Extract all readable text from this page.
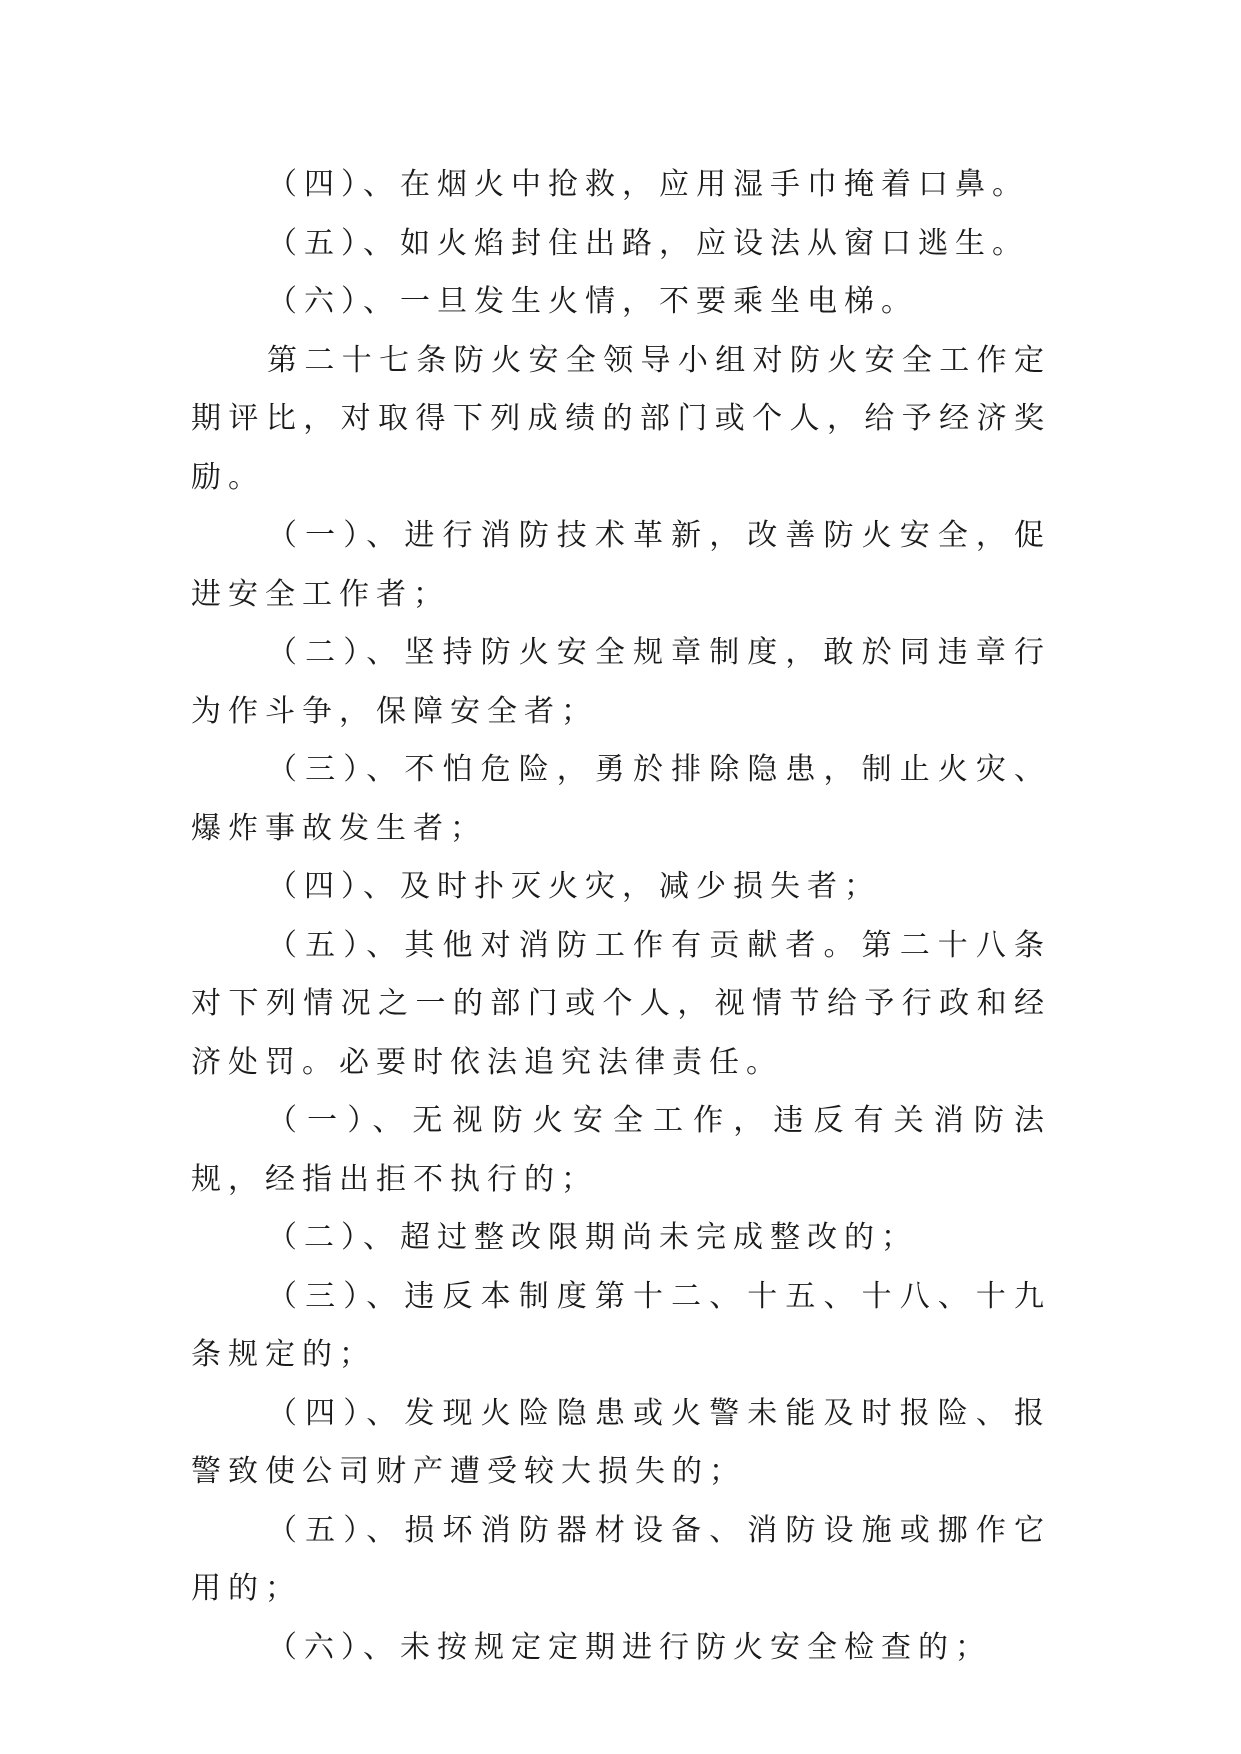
（四）、在烟火中抢救，应用湿手巾掩着口鼻。

（五）、如火焰封住出路，应设法从窗口逃生。

（六）、一旦发生火情，不要乘坐电梯。

第二十七条防火安全领导小组对防火安全工作定期评比，对取得下列成绩的部门或个人，给予经济奖励。

（一）、进行消防技术革新，改善防火安全，促进安全工作者；

（二）、坚持防火安全规章制度，敢於同违章行为作斗争，保障安全者；

（三）、不怕危险，勇於排除隐患，制止火灾、爆炸事故发生者；

（四）、及时扑灭火灾，减少损失者；

（五）、其他对消防工作有贡献者。第二十八条对下列情况之一的部门或个人，视情节给予行政和经济处罚。必要时依法追究法律责任。

（一）、无视防火安全工作，违反有关消防法规，经指出拒不执行的；

（二）、超过整改限期尚未完成整改的；

（三）、违反本制度第十二、十五、十八、十九条规定的；

（四）、发现火险隐患或火警未能及时报险、报警致使公司财产遭受较大损失的；

（五）、损坏消防器材设备、消防设施或挪作它用的；

（六）、未按规定定期进行防火安全检查的；
